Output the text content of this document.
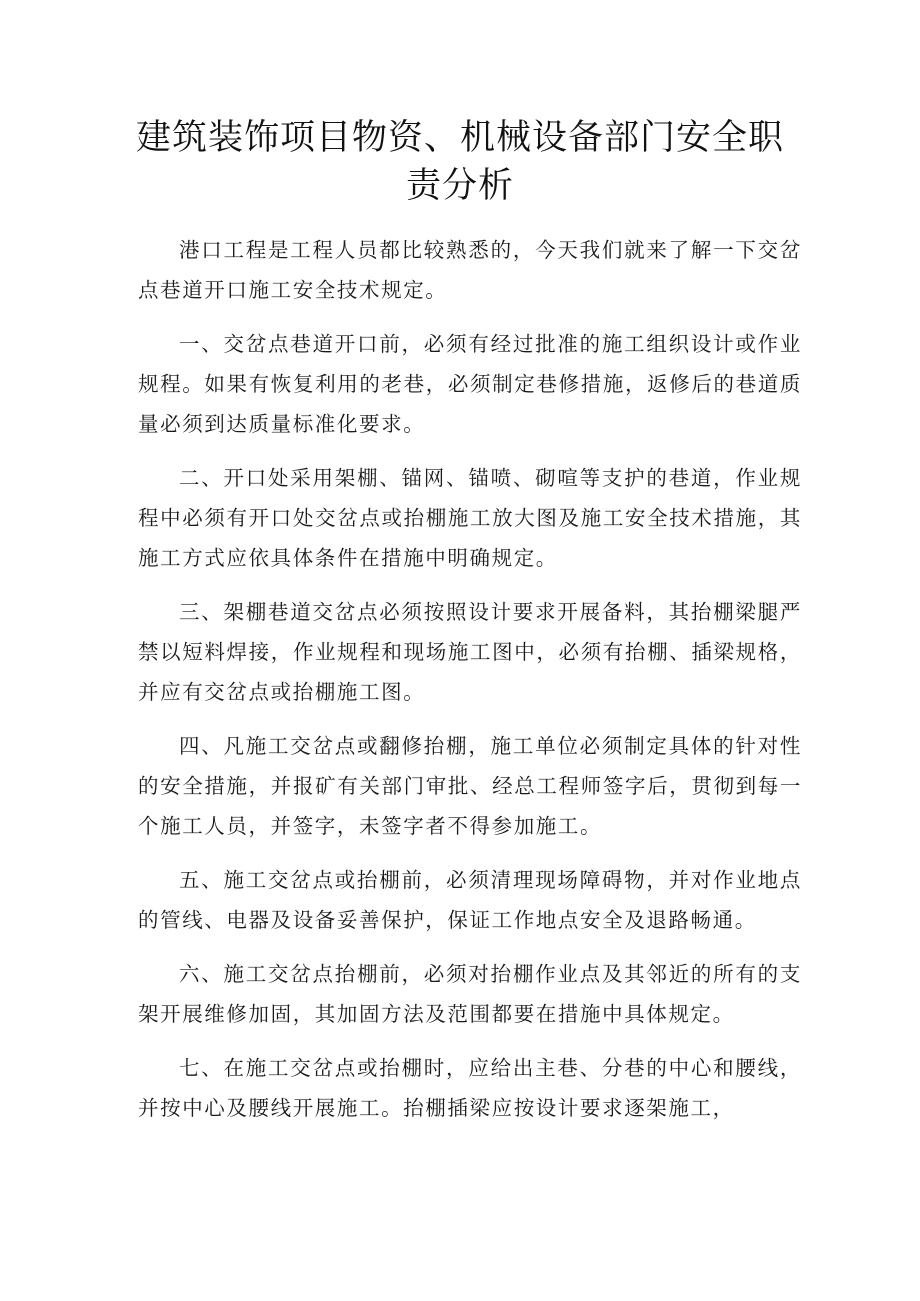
建筑装饰项目物资、机械设备部门安全职责分析

港口工程是工程人员都比较熟悉的，今天我们就来了解一下交岔点巷道开口施工安全技术规定。

一、交岔点巷道开口前，必须有经过批准的施工组织设计或作业规程。如果有恢复利用的老巷，必须制定巷修措施，返修后的巷道质量必须到达质量标准化要求。

二、开口处采用架棚、锚网、锚喷、砌喧等支护的巷道，作业规程中必须有开口处交岔点或抬棚施工放大图及施工安全技术措施，其施工方式应依具体条件在措施中明确规定。

三、架棚巷道交岔点必须按照设计要求开展备料，其抬棚梁腿严禁以短料焊接，作业规程和现场施工图中，必须有抬棚、插梁规格，并应有交岔点或抬棚施工图。

四、凡施工交岔点或翻修抬棚，施工单位必须制定具体的针对性的安全措施，并报矿有关部门审批、经总工程师签字后，贯彻到每一个施工人员，并签字，未签字者不得参加施工。

五、施工交岔点或抬棚前，必须清理现场障碍物，并对作业地点的管线、电器及设备妥善保护，保证工作地点安全及退路畅通。

六、施工交岔点抬棚前，必须对抬棚作业点及其邻近的所有的支架开展维修加固，其加固方法及范围都要在措施中具体规定。

七、在施工交岔点或抬棚时，应给出主巷、分巷的中心和腰线，并按中心及腰线开展施工。抬棚插梁应按设计要求逐架施工，
